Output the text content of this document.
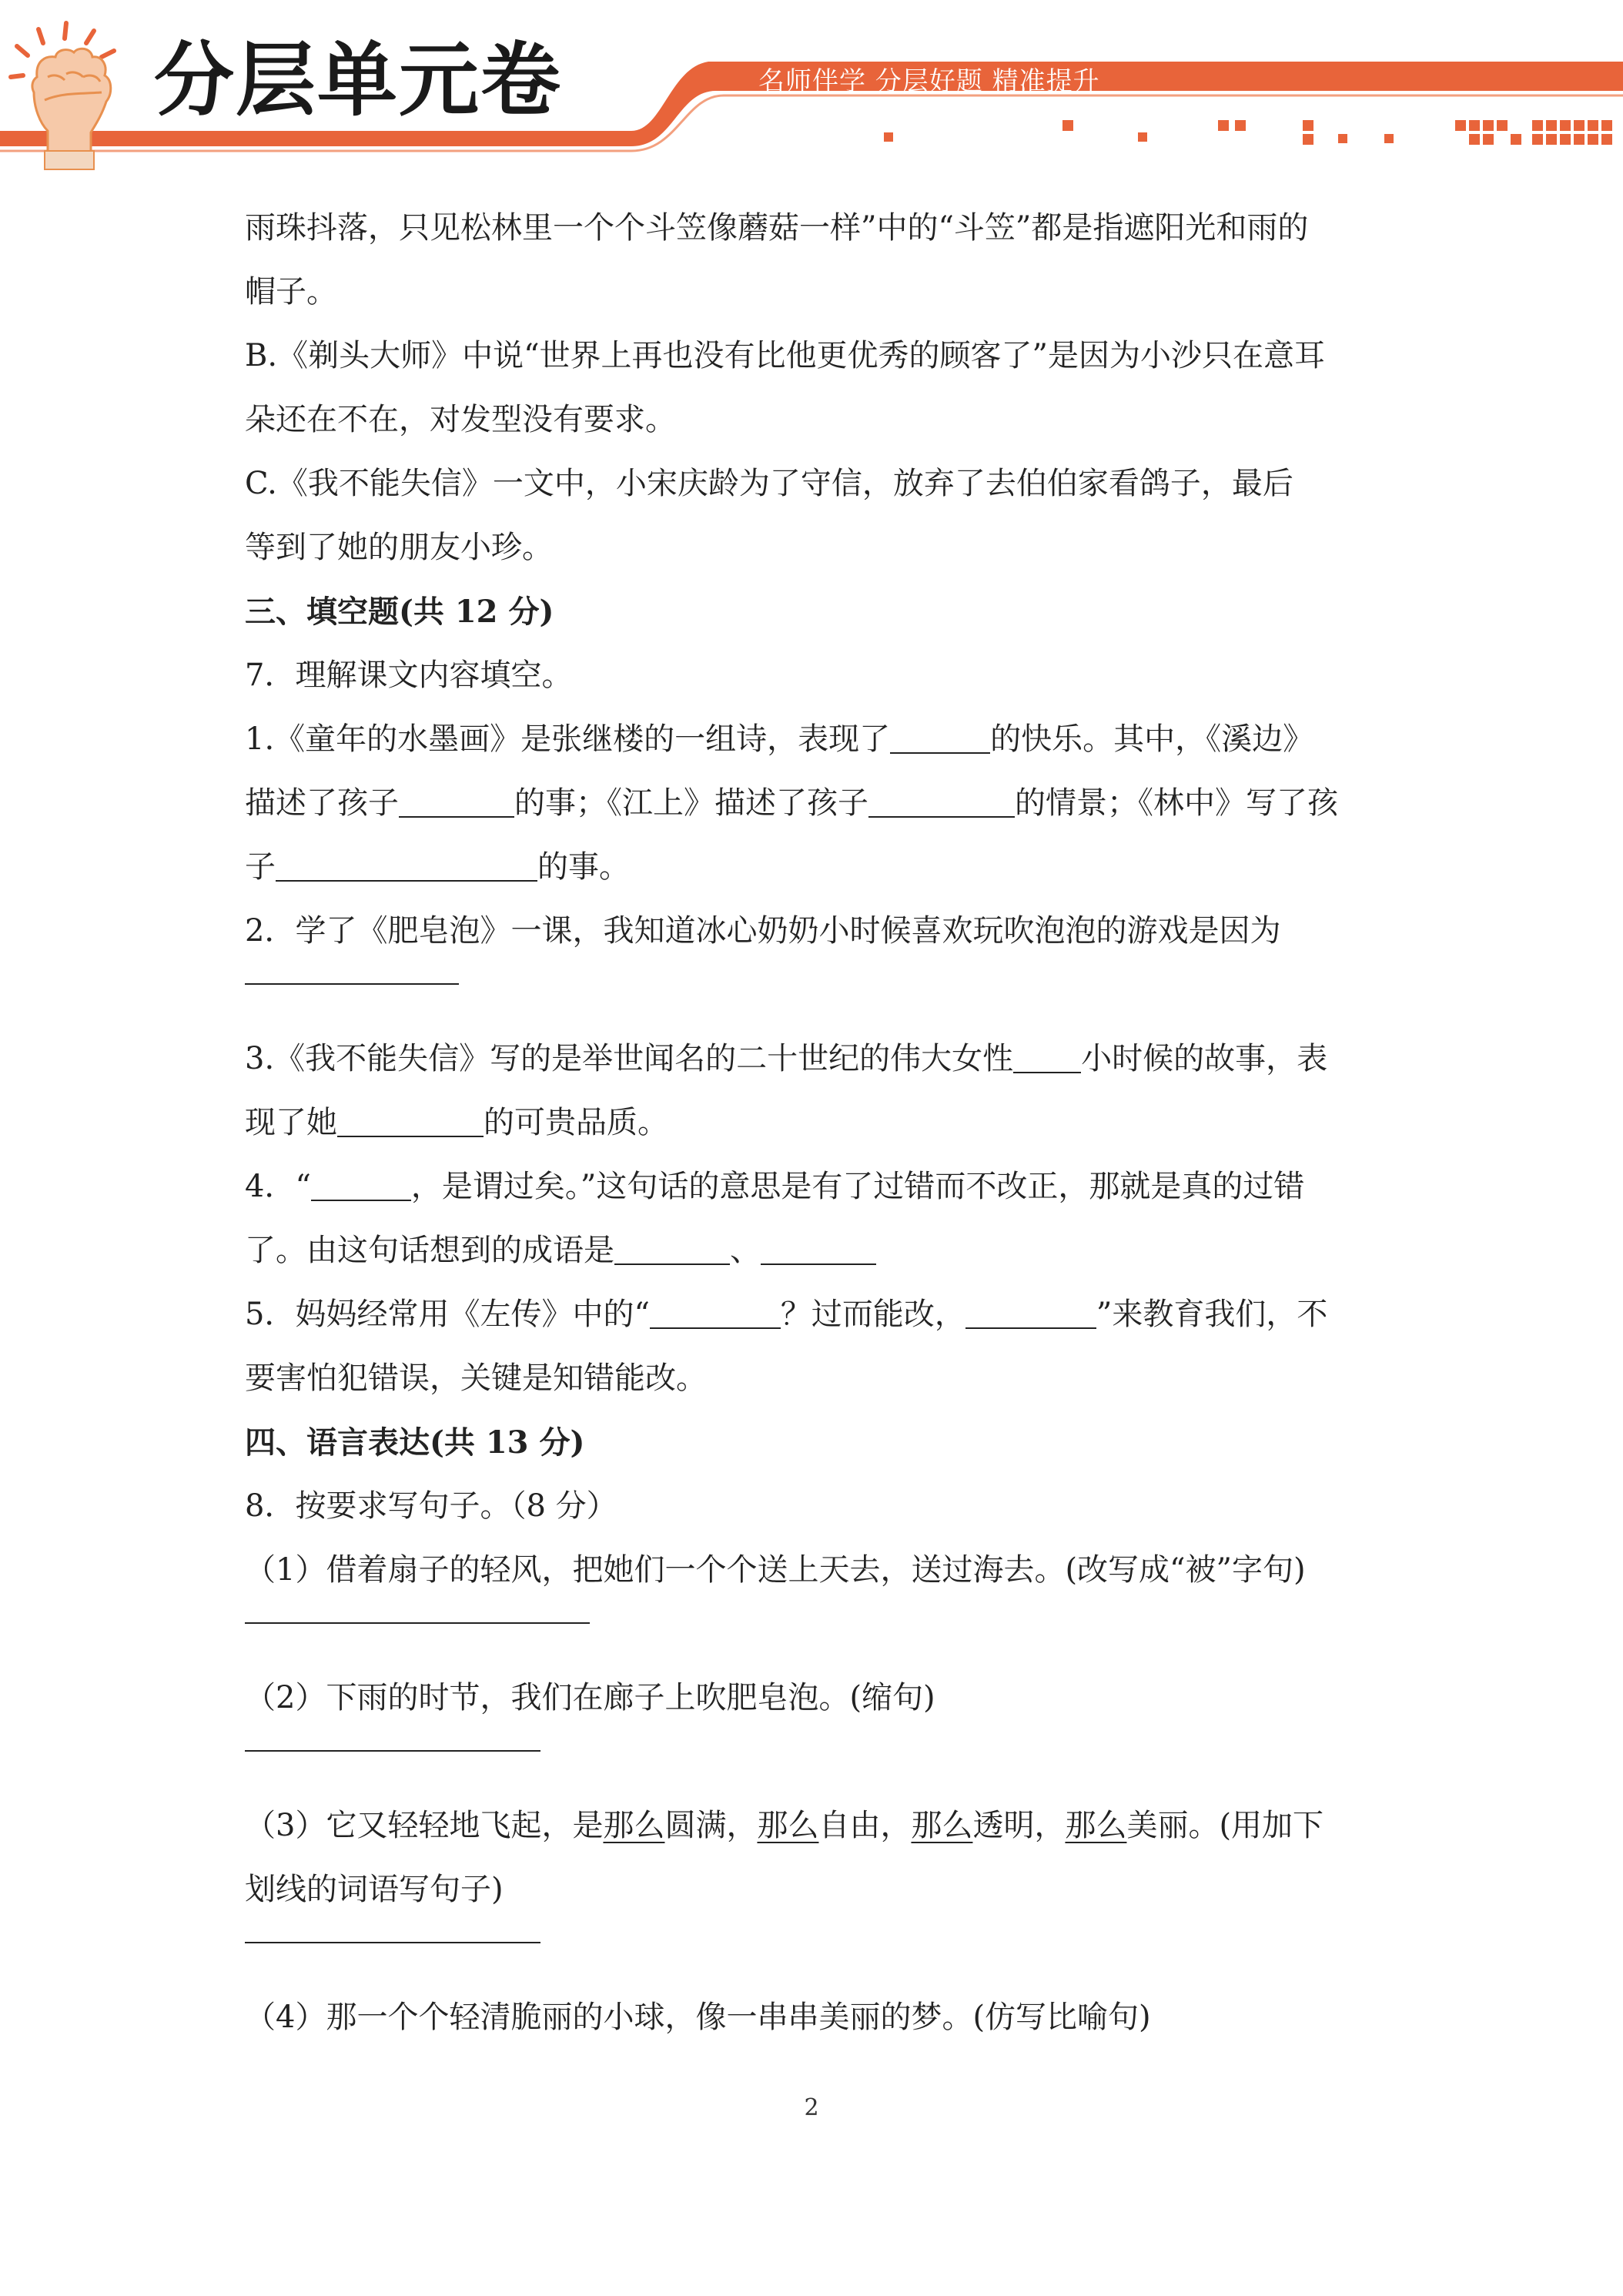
分层单元卷	名师伴学 分层好题 精准提升
雨珠抖落，只见松林里一个个斗笠像蘑菇一样”中的“斗笠”都是指遮阳光和雨的
帽子。
B.《剃头大师》中说“世界上再也没有比他更优秀的顾客了”是因为小沙只在意耳
朵还在不在，对发型没有要求。
C.《我不能失信》一文中，小宋庆龄为了守信，放弃了去伯伯家看鸽子，最后
等到了她的朋友小珍。
三、填空题(共 12 分)
7．理解课文内容填空。
1.《童年的水墨画》是张继楼的一组诗，表现了	的快乐。其中，《溪边》
描述了孩子	的事；《江上》描述了孩子	的情景；《林中》写了孩
子	的事。
2．学了《肥皂泡》一课，我知道冰心奶奶小时候喜欢玩吹泡泡的游戏是因为
3.《我不能失信》写的是举世闻名的二十世纪的伟大女性 小时候的故事，表
现了她	的可贵品质。
4．“	，是谓过矣。”这句话的意思是有了过错而不改正，那就是真的过错
了。由这句话想到的成语是	、
5．妈妈经常用《左传》中的“	？过而能改，	”来教育我们，不
要害怕犯错误，关键是知错能改。
四、语言表达(共 13 分)
8．按要求写句子。（8 分）
（1）借着扇子的轻风，把她们一个个送上天去，送过海去。(改写成“被”字句)
（2）下雨的时节，我们在廊子上吹肥皂泡。(缩句)
（3）它又轻轻地飞起，是那么圆满，那么自由，那么透明，那么美丽。(用加下
划线的词语写句子)
（4）那一个个轻清脆丽的小球，像一串串美丽的梦。(仿写比喻句)
2
